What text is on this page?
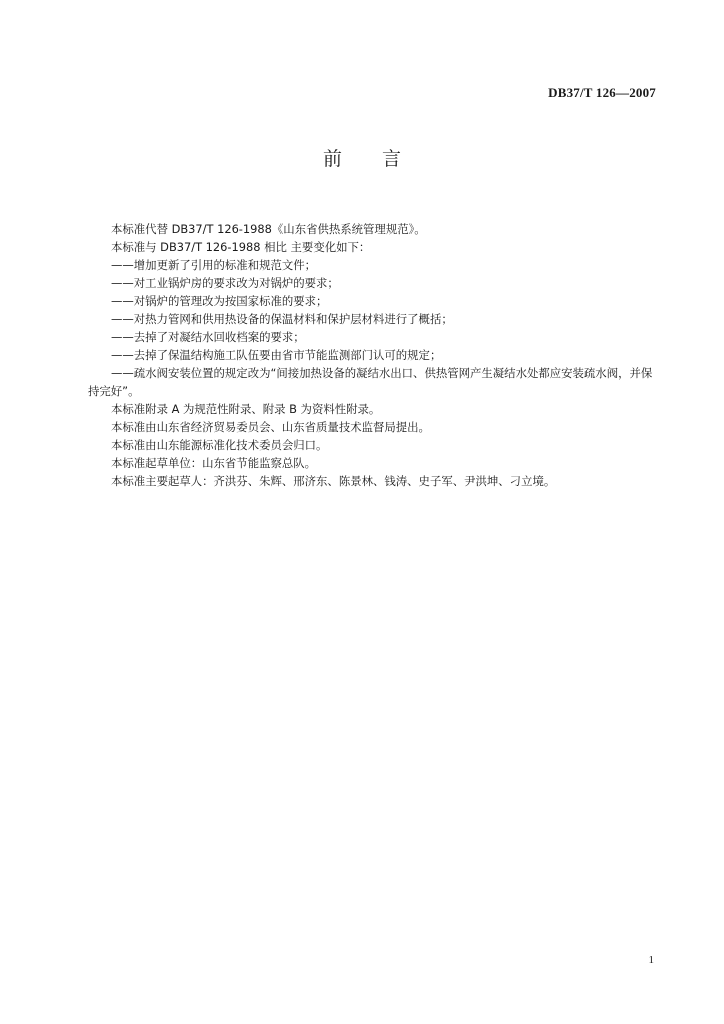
DB37/T 126—2007
前言

本标准代替 DB37/T 126-1988《山东省供热系统管理规范》。

本标准与 DB37/T 126-1988 相比 主要变化如下：

——增加更新了引用的标准和规范文件；

——对工业锅炉房的要求改为对锅炉的要求；

——对锅炉的管理改为按国家标准的要求；

——对热力管网和供用热设备的保温材料和保护层材料进行了概括；

——去掉了对凝结水回收档案的要求；

——去掉了保温结构施工队伍要由省市节能监测部门认可的规定；

——疏水阀安装位置的规定改为“间接加热设备的凝结水出口、供热管网产生凝结水处都应安装疏水阀，并保持完好”。

本标准附录 A 为规范性附录、附录 B 为资料性附录。

本标准由山东省经济贸易委员会、山东省质量技术监督局提出。

本标准由山东能源标准化技术委员会归口。

本标准起草单位：山东省节能监察总队。

本标准主要起草人：齐洪芬、朱辉、邢济东、陈景林、钱涛、史子军、尹洪坤、刁立境。

1
